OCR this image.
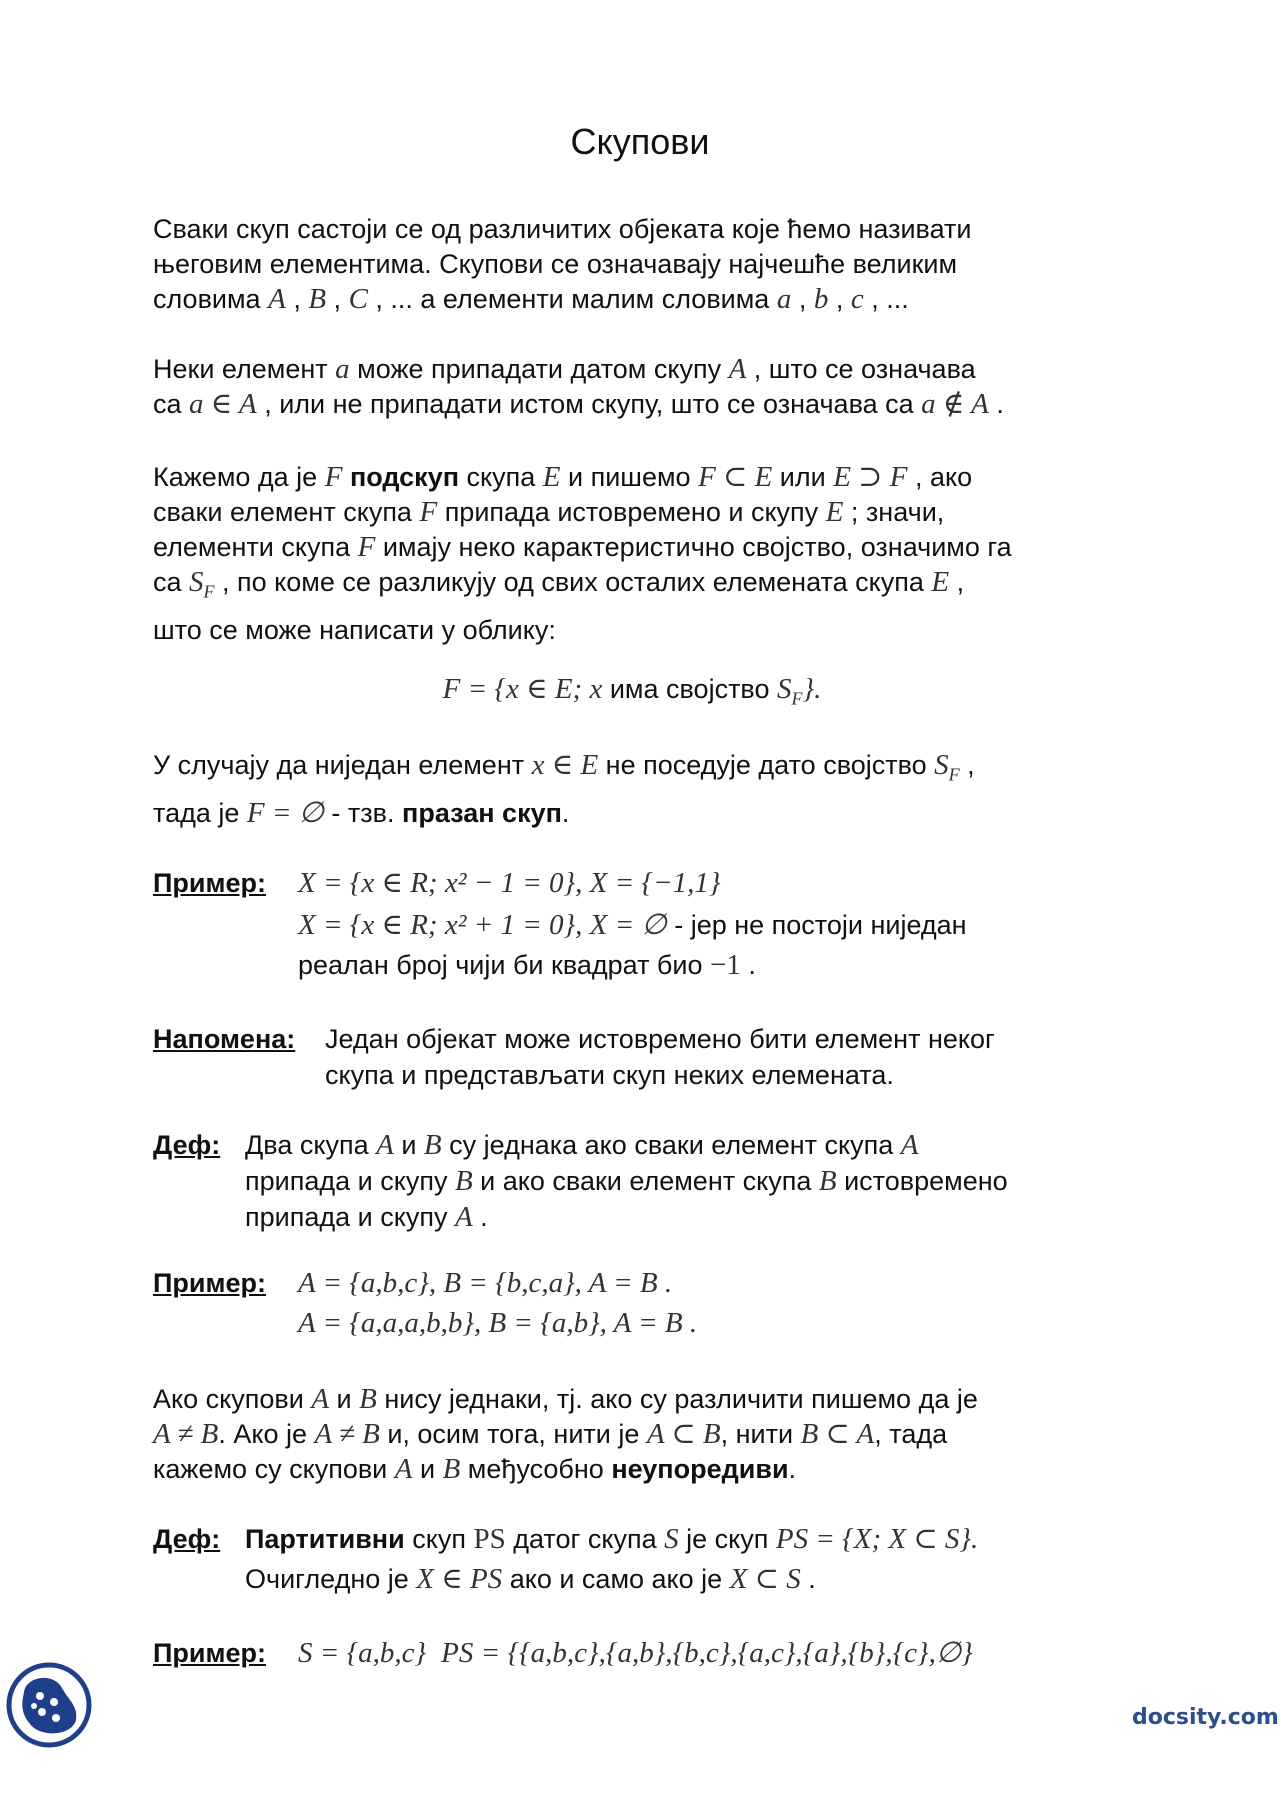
Скупови
Сваки скуп састоји се од различитих објеката које ћемо називати
његовим елементима. Скупови се означавају најчешће великим
словима A , B , C , ... а елементи малим словима a , b , c , ...
Неки елемент a може припадати датом скупу A , што се означава
са a ∈ A , или не припадати истом скупу, што се означава са a ∉ A .
Кажемо да је F подскуп скупа E и пишемо F ⊂ E или E ⊃ F , ако
сваки елемент скупа F припада истовремено и скупу E ; значи,
елементи скупа F имају неко карактеристично својство, означимо га
са $S_F$ , по коме се разликују од свих осталих елемената скупа E ,
што се може написати у облику:
F = {x ∈ E; x има својство $S_F$}.
У случају да ниједан елемент x ∈ E не поседује дато својство $S_F$ ,
тада је F = ∅ - тзв. празан скуп.
Пример: X = {x ∈ R; x² − 1 = 0}, X = {−1,1}
X = {x ∈ R; x² + 1 = 0}, X = ∅ - јер не постоји ниједан
реалан број чији би квадрат био −1 .
Напомена: Један објекат може истовремено бити елемент неког
скупа и представљати скуп неких елемената.
Деф: Два скупа A и B су једнака ако сваки елемент скупа A
припада и скупу B и ако сваки елемент скупа B истовремено
припада и скупу A .
Пример: A = {a,b,c}, B = {b,c,a}, A = B .
A = {a,a,a,b,b}, B = {a,b}, A = B .
Ако скупови A и B нису једнаки, тј. ако су различити пишемо да је
A ≠ B. Ако је A ≠ B и, осим тога, нити је A ⊂ B, нити B ⊂ A, тада
кажемо су скупови A и B међусобно неупоредиви.
Деф: Партитивни скуп PS датог скупа S је скуп PS = {X; X ⊂ S}.
Очигледно је X ∈ PS ако и само ако је X ⊂ S .
Пример: S = {a,b,c} PS = {{a,b,c},{a,b},{b,c},{a,c},{a},{b},{c},∅}
docsity.com
